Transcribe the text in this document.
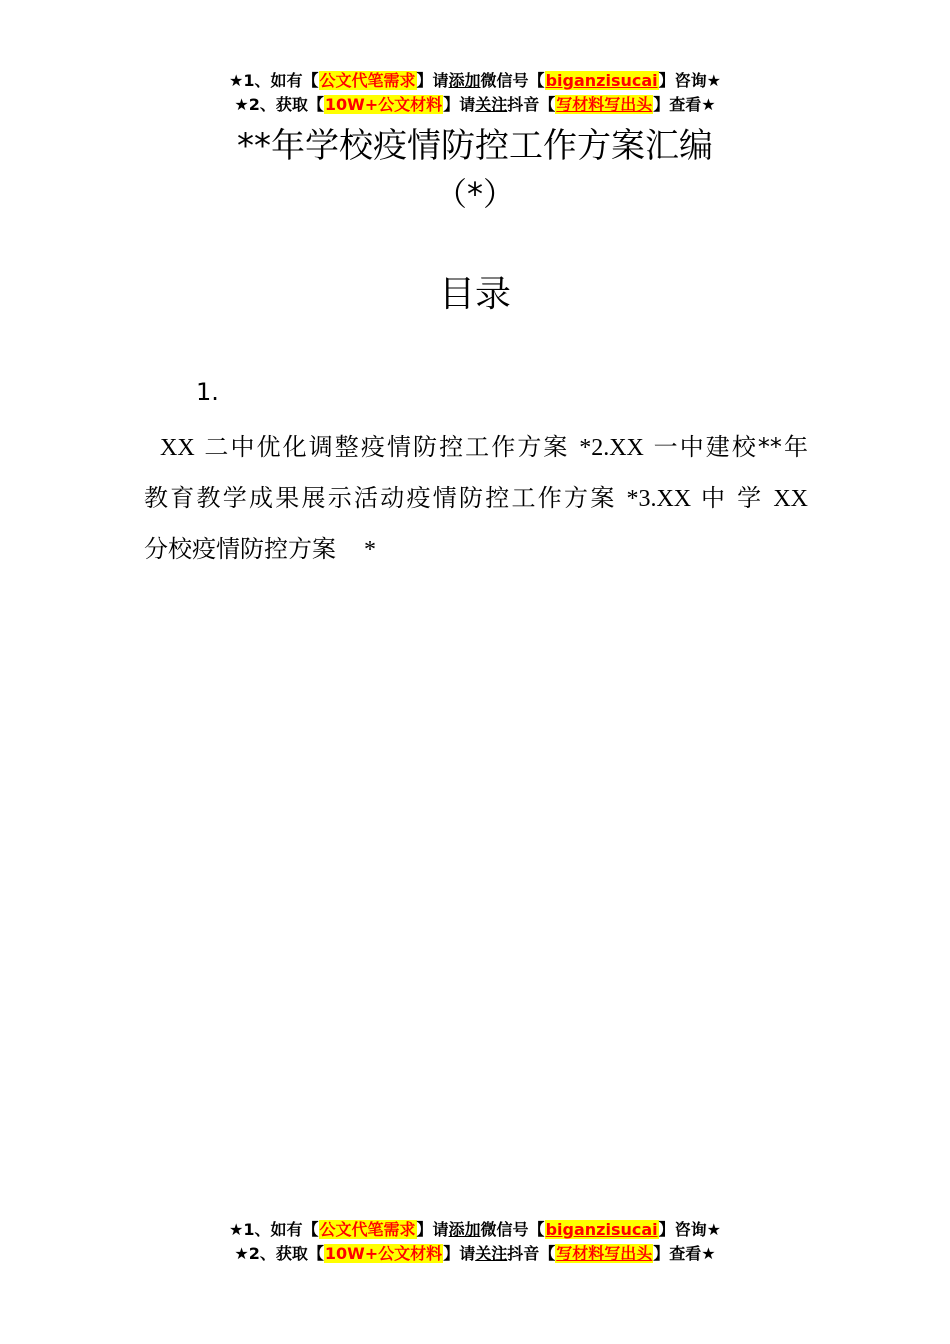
★1、如有【公文代笔需求】请添加微信号【biganzisucai】咨询★
★2、获取【10W+公文材料】请关注抖音【写材料写出头】查看★
**年学校疫情防控工作方案汇编
（*）
目录
1.
XX 二中优化调整疫情防控工作方案 *2.XX 一中建校**年
教育教学成果展示活动疫情防控工作方案 *3.XX 中 学 XX
分校疫情防控方案 *
★1、如有【公文代笔需求】请添加微信号【biganzisucai】咨询★
★2、获取【10W+公文材料】请关注抖音【写材料写出头】查看★
